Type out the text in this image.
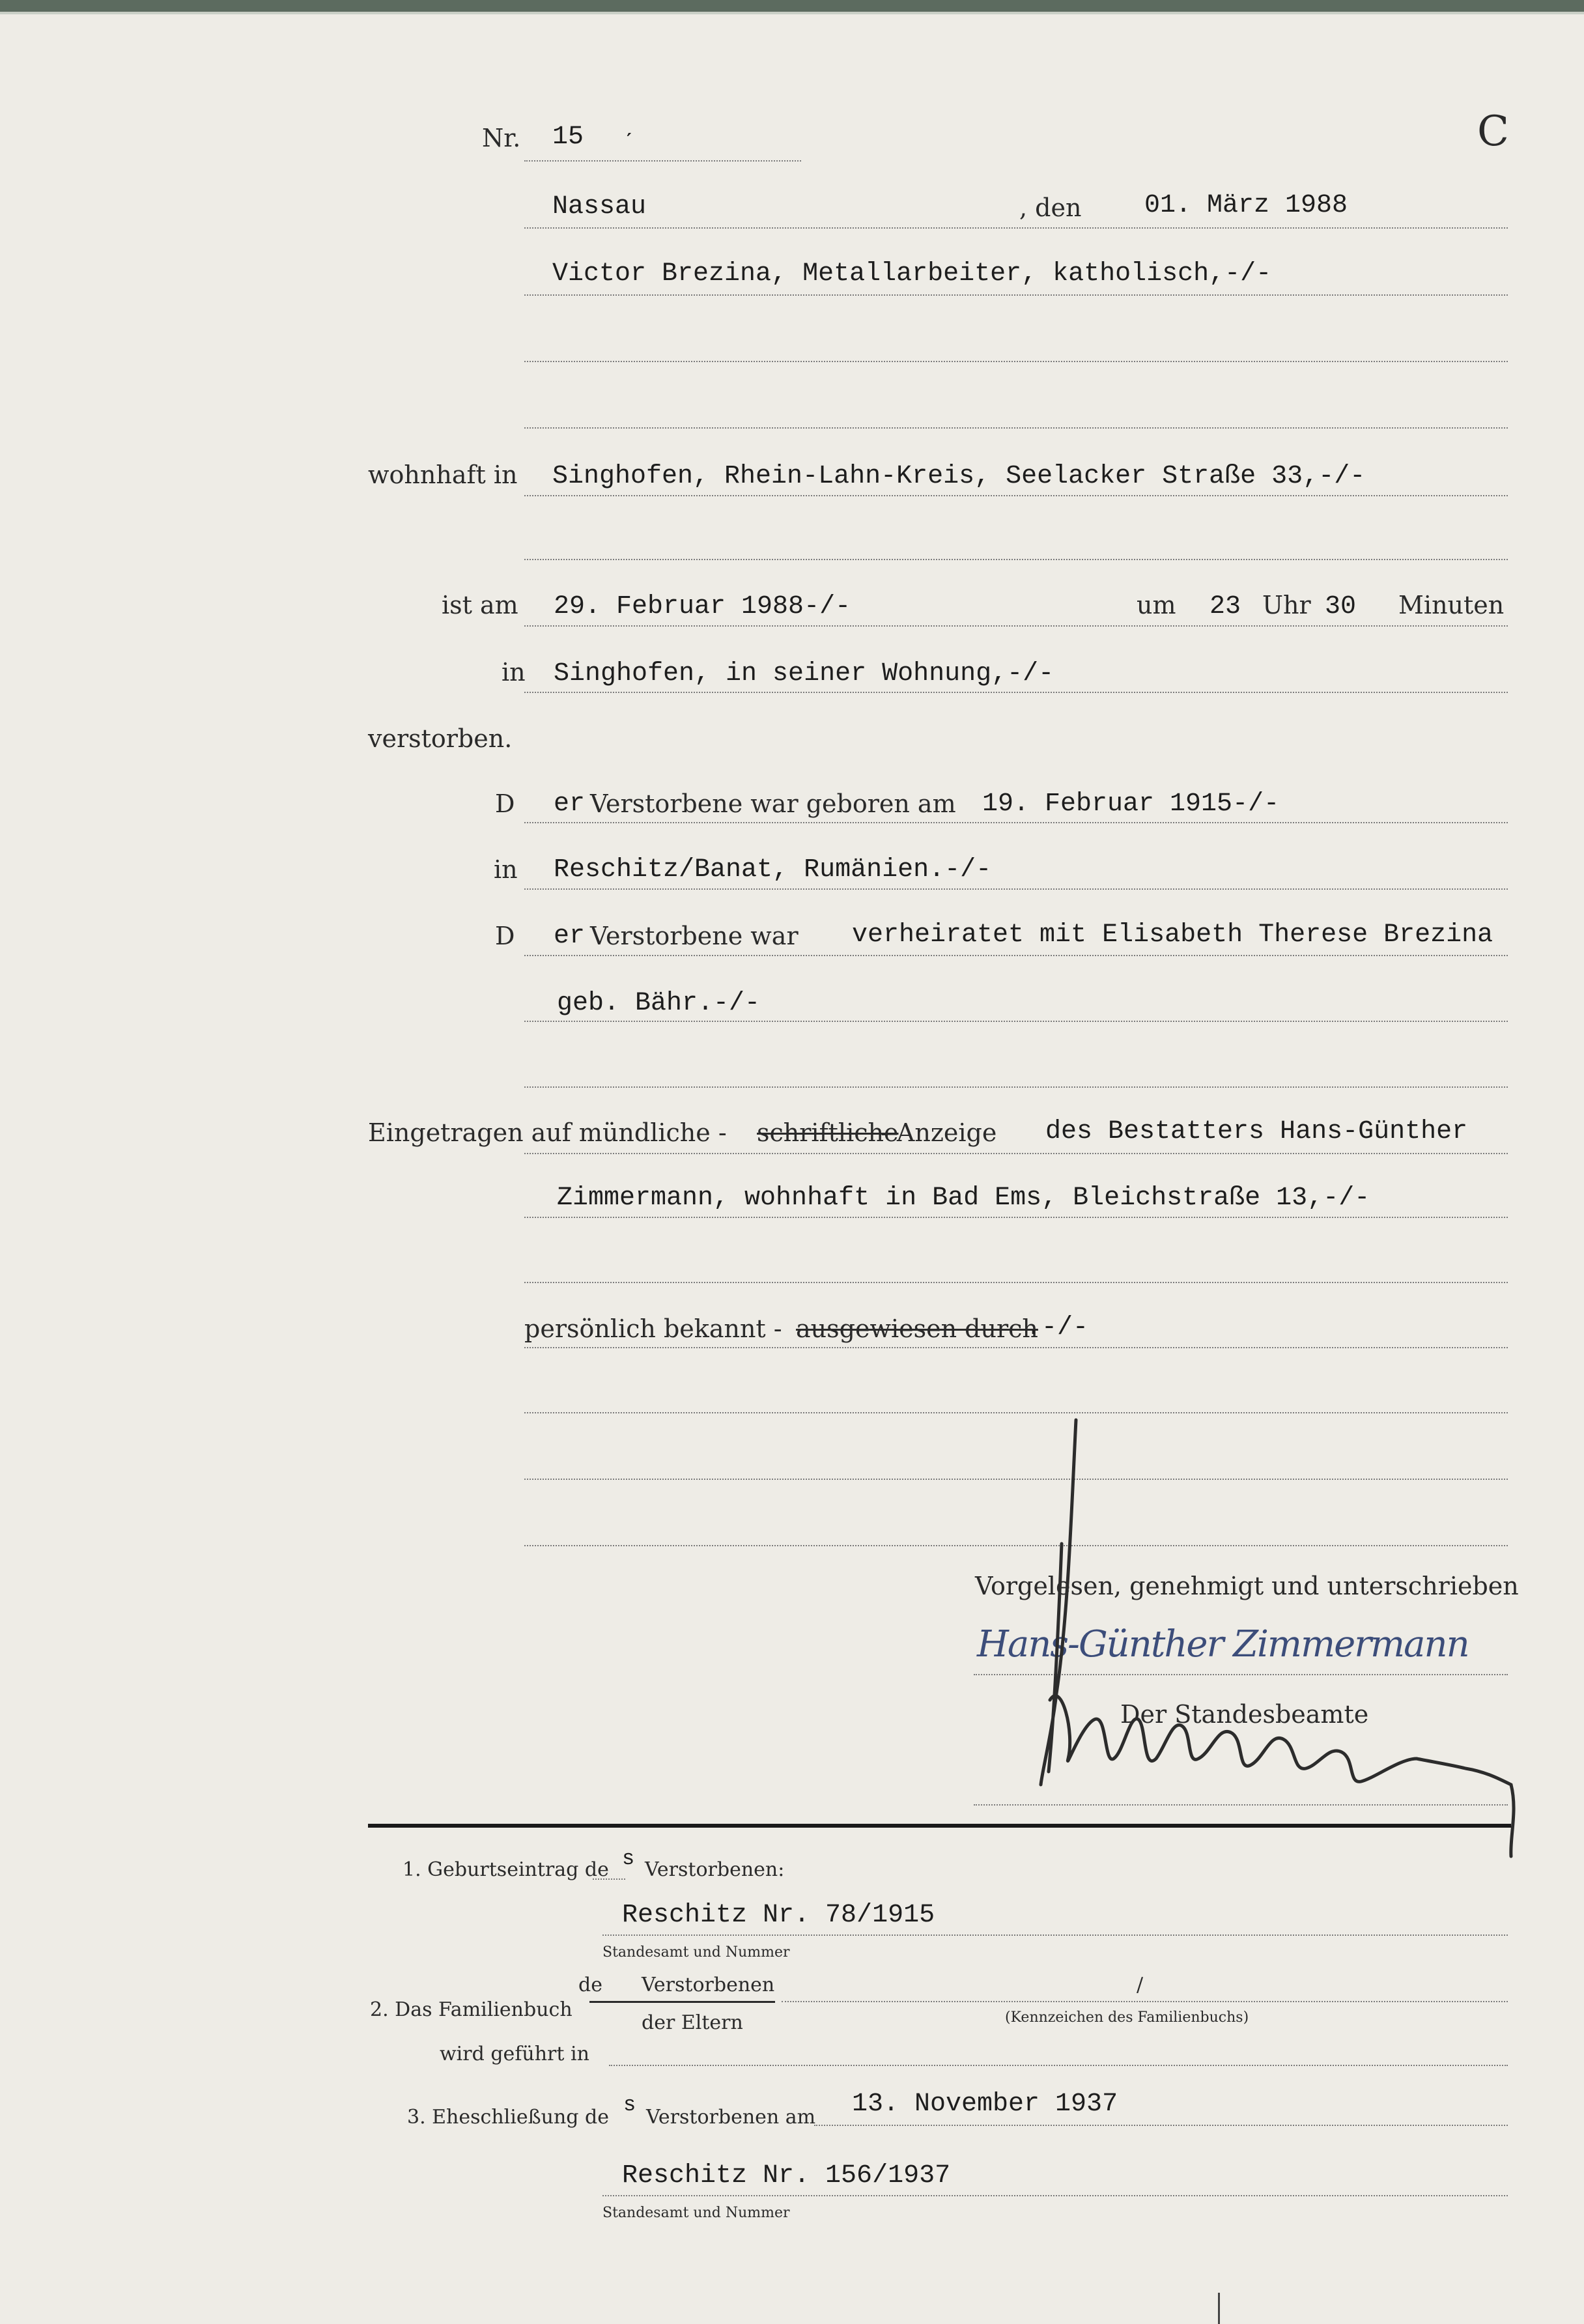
Nr. 15 ˏ	C
Nassau	, den 01. März 1988
Victor Brezina, Metallarbeiter, katholisch,-/-
wohnhaft in Singhofen, Rhein-Lahn-Kreis, Seelacker Straße 33,-/-
ist am 29. Februar 1988-/-	um 23 Uhr 30 Minuten
in Singhofen, in seiner Wohnung,-/-
verstorben.
D er Verstorbene war geboren am 19. Februar 1915-/-
in Reschitz/Banat, Rumänien.-/-
D er Verstorbene war verheiratet mit Elisabeth Therese Brezina
geb. Bähr.-/-
Eingetragen auf mündliche - schriftliche
- Anzeige des Bestatters Hans-Günther
Zimmermann, wohnhaft in Bad Ems, Bleichstraße 13,-/-
persönlich bekannt - ausgewiesen durch
.-/-
Vorgelesen, genehmigt und unterschrieben
Hans-Günther Zimmermann
Der Standesbeamte
1. Geburtseintrag de s Verstorbenen:
Reschitz Nr. 78/1915
Standesamt und Nummer
de Verstorbenen
2. Das Familienbuch
der Eltern
/
(Kennzeichen des Familienbuchs)
wird geführt in
3. Eheschließung de
s
Verstorbenen am 13. November 1937
Reschitz Nr. 156/1937
Standesamt und Nummer
